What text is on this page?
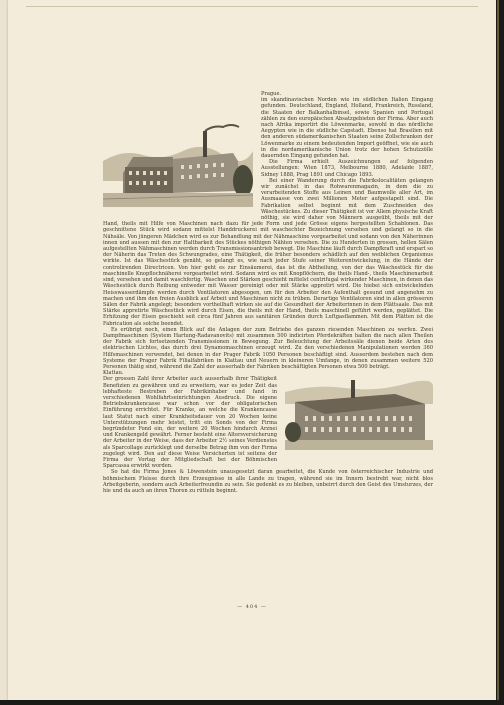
Prague.
im skandinavischen Norden wie im südlichen Italien Eingang gefunden. Deutschland, England, Holland, Frankreich, Russland, die Staaten der Balkanhalbinsel, sowie Spanien und Portugal zählen zu den europäischen Absatzgebieten der Firma. Aber auch nach Afrika importirt die Löwenmarke, sowohl in das nördliche Aegypten wie in die südliche Capstadt. Ebenso hat Brasilien mit den anderen südamerikanischen Staaten seine Zollschranken der Löwenmarke zu einem bedeutenden Import geöffnet, wie sie auch in die nordamerikanische Union trotz der hohen Schutzzölle dauernden Eingang gefunden hat.

Die Firma erhielt Auszeichnungen auf folgenden Ausstellungen: Wien 1873, Melbourne 1880, Adelaide 1887, Sidney 1888, Prag 1891 und Chicago 1893.

Bei einer Wanderung durch die Fabrikslocalitäten gelangen wir zunächst in das Rohwarenmagazin, in dem die zu verarbeitenden Stoffe aus Leinen und Baumwolle aller Art, im Ausmaasse von zwei Millionen Meter aufgestapelt sind. Die Fabrikation selbst beginnt mit dem Zuschneiden des Wäschestückes. Zu dieser Thätigkeit ist vor Allem physische Kraft nöthig, sie wird daher von Männern ausgeübt, theils mit der Hand, theils mit Hilfe von Maschinen nach dazu für jede Form und jede Grösse eigens hergestellten Schablonen. Das geschnittene Stück wird sodann mittelst Handdruckerei mit waschechter Bezeichnung versehen und gelangt so in die Nähsäle. Von jüngeren Mädchen wird es zur Behandlung mit der Nähmaschine vorgearbeitet und sodann von den Näherinnen innen und aussen mit den zur Haltbarkeit des Stückes nöthigen Nähten versehen. Die zu Hunderten in grossen, hellen Sälen aufgestellten Nähmaschinen werden durch Transmissionsantrieb bewegt. Die Maschine läuft durch Dampfkraft und erspart so der Näherin das Treten des Schwungrades, eine Thätigkeit, die früher besonders schädlich auf den weiblichen Organismus wirkte. Ist das Wäschestück genäht, so gelangt es, wie nach jeder Stufe seiner Weiterentwickelung, in die Hände der controlirenden Directricen. Von hier geht es zur Einsäumerei, das ist die Abtheilung, von der das Wäschestück für die maschinelle Knopflochnäherei vorgearbeitet wird. Sodann wird es mit Knopflöchern, die theils Hand-, theils Maschinenarbeit sind, versehen und damit waschfertig. Waschen und Stärken geschieht mittelst centrifugal wirkender Maschinen, in denen das Wäschestück durch Reibung entweder mit Wasser gereinigt oder mit Stärke appretirt wird. Die hiebei sich entwickelnden Heisswasserdämpfe werden durch Ventilatoren abgesogen, um für den Arbeiter den Aufenthalt gesund und angenehm zu machen und ihm den freien Ausblick auf Arbeit und Maschinen nicht zu trüben. Derartige Ventilatoren sind in allen grösseren Sälen der Fabrik angelegt; besonders vortheilhaft wirken sie auf die Gesundheit der Arbeiterinnen in dem Plättsaale. Das mit Stärke appretirte Wäschestück wird durch Eisen, die theils mit der Hand, theils maschinell geführt werden, geplättet. Die Erhitzung der Eisen geschieht seit circa fünf Jahren aus sanitären Gründen durch Luftgasflammen. Mit dem Plätten ist die Fabrication als solche beendet.

Es erübrigt noch, einen Blick auf die Anlagen der zum Betriebe des ganzen riesenden Maschinen zu werfen. Zwei Dampfmaschinen (System Hartung-Radavanovits) mit zusammen 500 indicirten Pferdekräften halten die nach allen Theilen der Fabrik sich fortsetzenden Transmissionen in Bewegung. Zur Beleuchtung der Arbeitssäle dienen beide Arten des elektrischen Lichtes, das durch drei Dynamomaschinen erzeugt wird. Zu den verschiedenen Manipulationen werden 360 Hilfsmaschinen verwendet, bei denen in der Prager Fabrik 1050 Personen beschäftigt sind. Ausserdem bestehen nach dem Systeme der Prager Fabrik Filialfabriken in Klattau und Neuern in kleineren Umfange, in denen zusammen weitere 520 Personen thätig sind, während die Zahl der ausserhalb der Fabriken beschäftigten Personen etwa 500 beträgt.

Klattau.
Der grossen Zahl ihrer Arbeiter auch ausserhalb ihrer Thätigkeit Benefizien zu gewähren und zu erweitern, war es jeder Zeit das lebhafteste Bestreben der Fabrikinhaber und fand in verschiedenen Wohlfahrtseinrichtungen Ausdruck. Die eigene Betriebskrankencasse war schon vor der obligatorischen Einführung errichtet. Für Kranke, an welche die Krankencasse laut Statut nach einer Krankheitsdauer von 20 Wochen keine Unterstützungen mehr leistet, tritt ein Sonds von der Firma begründeter Fond ein, der weitere 20 Wochen hindurch Arznei und Krankengeld gewährt. Ferner besteht eine Altersversicherung der Arbeiter in der Weise, dass der Arbeiter 2½ seines Verdienstes als Sparcollage zurücklegt und derselbe Betrag ihm von der Firma zugelegt wird. Den auf diese Weise Versicherten ist seitens der Firma der Vortag der Mitgliedschaft bei der Böhmischen Sparcassa erwirkt worden.

So hat die Firma Jones & Löwenstein unausgesetzt daran gearbeitet, die Kunde von österreichischer Industrie und böhmischem Fleisse durch ihre Erzeugnisse in alle Lande zu tragen, während sie im Innern bestrebt war, nicht blos Arbeitgeberin, sondern auch Arbeiterfreundin zu sein. Sie gedenkt es zu bleiben, unbeirrt durch den Geist des Umsturzes, der hie und da auch an ihren Thoren zu rütteln beginnt.

— 404 —
